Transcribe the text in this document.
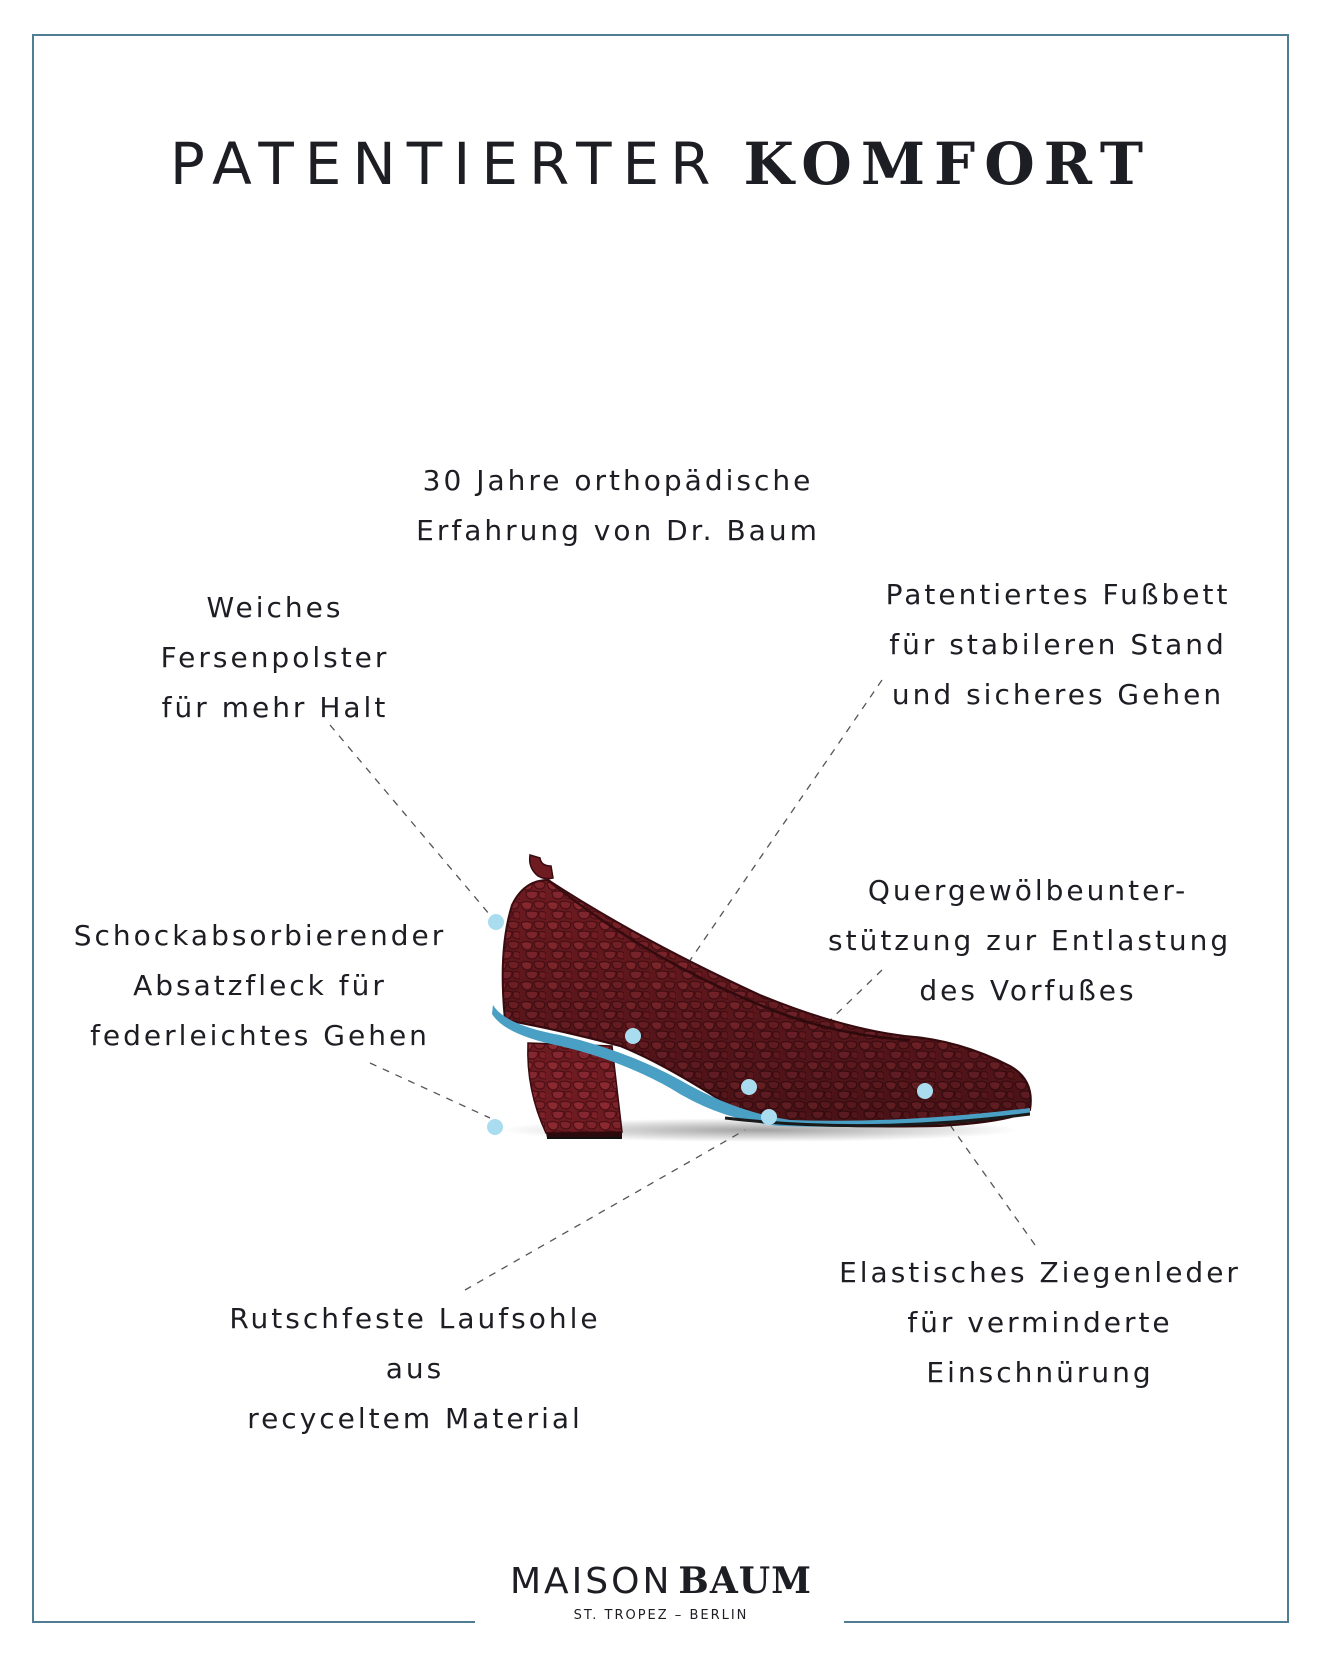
PATENTIERTER KOMFORT
30 Jahre orthopädische
Erfahrung von Dr. Baum
Weiches
Fersenpolster
für mehr Halt
Patentiertes Fußbett
für stabileren Stand
und sicheres Gehen
Quergewölbeunter-
stützung zur Entlastung
des Vorfußes
Schockabsorbierender
Absatzfleck für
federleichtes Gehen
Rutschfeste Laufsohle
aus
recyceltem Material
Elastisches Ziegenleder
für verminderte
Einschnürung
MAISON BAUM
ST. TROPEZ – BERLIN
